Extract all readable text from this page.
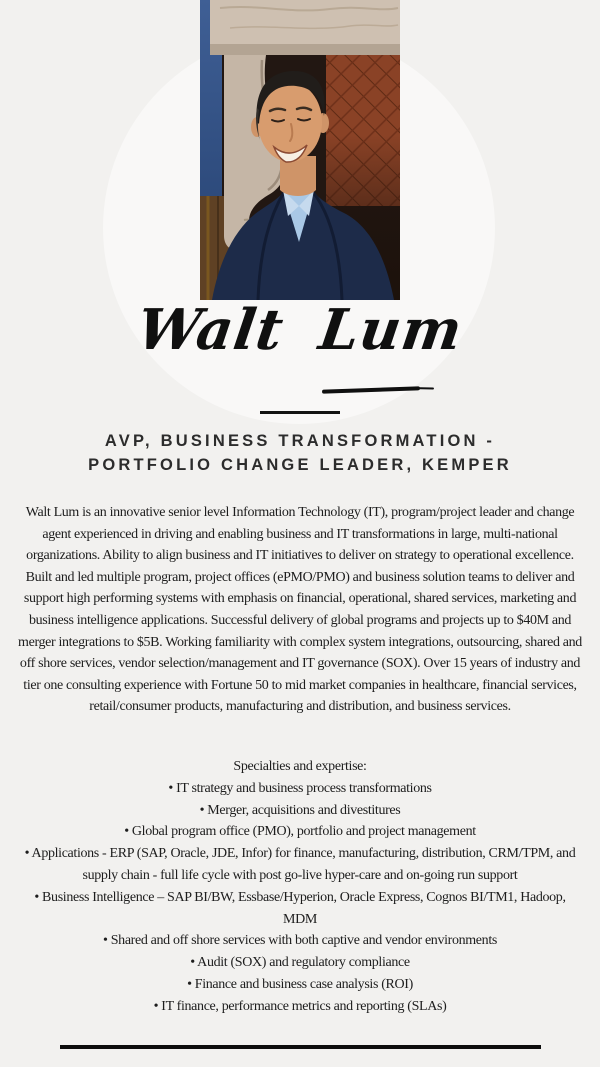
Walt Lum
AVP, BUSINESS TRANSFORMATION -
PORTFOLIO CHANGE LEADER, KEMPER
Walt Lum is an innovative senior level Information Technology (IT), program/project leader and change agent experienced in driving and enabling business and IT transformations in large, multi-national organizations. Ability to align business and IT initiatives to deliver on strategy to operational excellence. Built and led multiple program, project offices (ePMO/PMO) and business solution teams to deliver and support high performing systems with emphasis on financial, operational, shared services, marketing and business intelligence applications. Successful delivery of global programs and projects up to $40M and merger integrations to $5B. Working familiarity with complex system integrations, outsourcing, shared and off shore services, vendor selection/management and IT governance (SOX). Over 15 years of industry and tier one consulting experience with Fortune 50 to mid market companies in healthcare, financial services, retail/consumer products, manufacturing and distribution, and business services.
Specialties and expertise:
• IT strategy and business process transformations
• Merger, acquisitions and divestitures
• Global program office (PMO), portfolio and project management
• Applications - ERP (SAP, Oracle, JDE, Infor) for finance, manufacturing, distribution, CRM/TPM, and supply chain - full life cycle with post go-live hyper-care and on-going run support
• Business Intelligence – SAP BI/BW, Essbase/Hyperion, Oracle Express, Cognos BI/TM1, Hadoop, MDM
• Shared and off shore services with both captive and vendor environments
• Audit (SOX) and regulatory compliance
• Finance and business case analysis (ROI)
• IT finance, performance metrics and reporting (SLAs)
